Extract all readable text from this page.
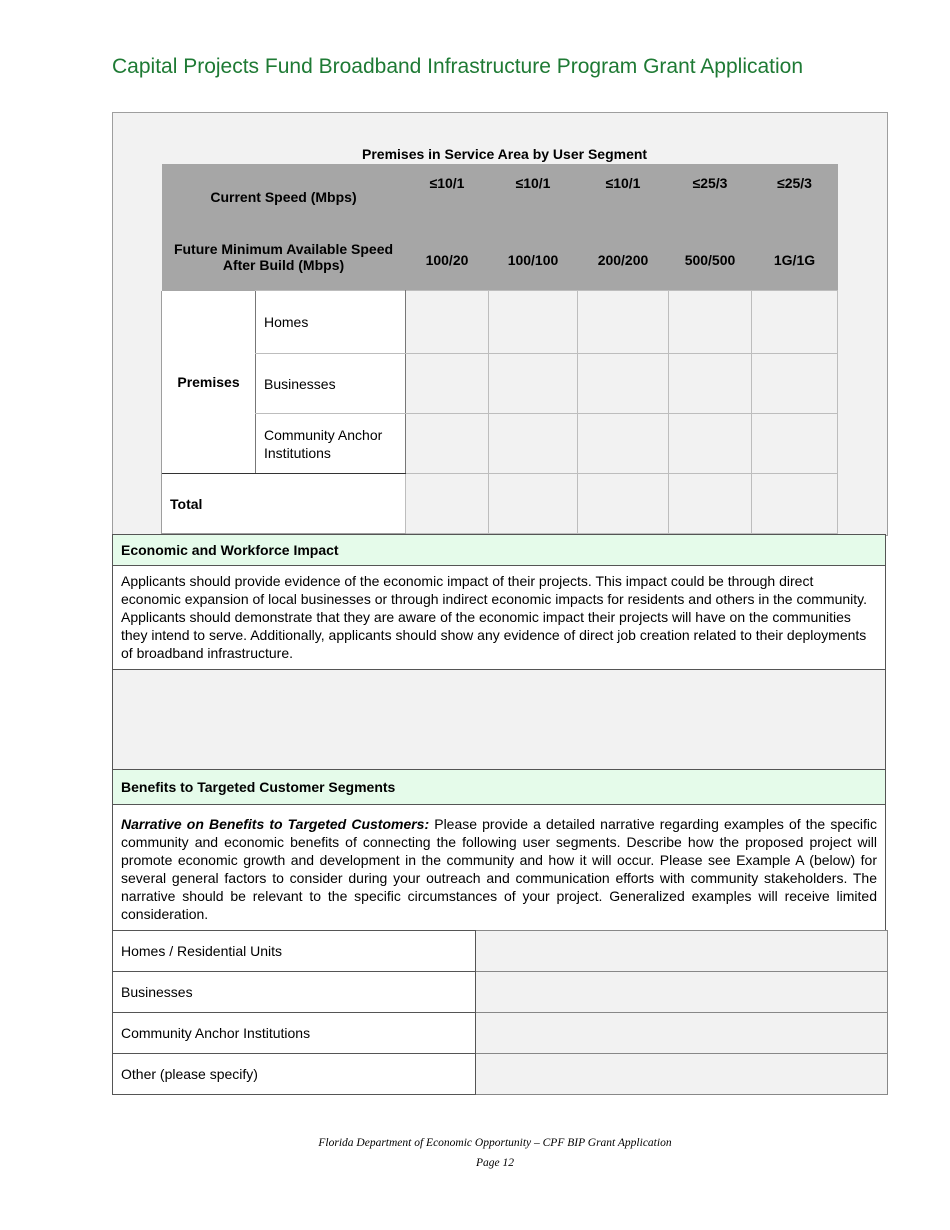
Capital Projects Fund Broadband Infrastructure Program Grant Application
Premises in Service Area by User Segment
Current Speed (Mbps)		≤10/1	≤10/1	≤10/1	≤25/3	≤25/3
Future Minimum Available Speed After Build (Mbps)		100/20	100/100	200/200	500/500	1G/1G
Premises	Homes					
	Businesses					
	Community Anchor Institutions					
Total						
Economic and Workforce Impact
Applicants should provide evidence of the economic impact of their projects. This impact could be through direct economic expansion of local businesses or through indirect economic impacts for residents and others in the community. Applicants should demonstrate that they are aware of the economic impact their projects will have on the communities they intend to serve. Additionally, applicants should show any evidence of direct job creation related to their deployments of broadband infrastructure.
Benefits to Targeted Customer Segments
Narrative on Benefits to Targeted Customers: Please provide a detailed narrative regarding examples of the specific community and economic benefits of connecting the following user segments. Describe how the proposed project will promote economic growth and development in the community and how it will occur. Please see Example A (below) for several general factors to consider during your outreach and communication efforts with community stakeholders. The narrative should be relevant to the specific circumstances of your project. Generalized examples will receive limited consideration.
Homes / Residential Units	
Businesses	
Community Anchor Institutions	
Other (please specify)	
Florida Department of Economic Opportunity – CPF BIP Grant Application
Page 12
